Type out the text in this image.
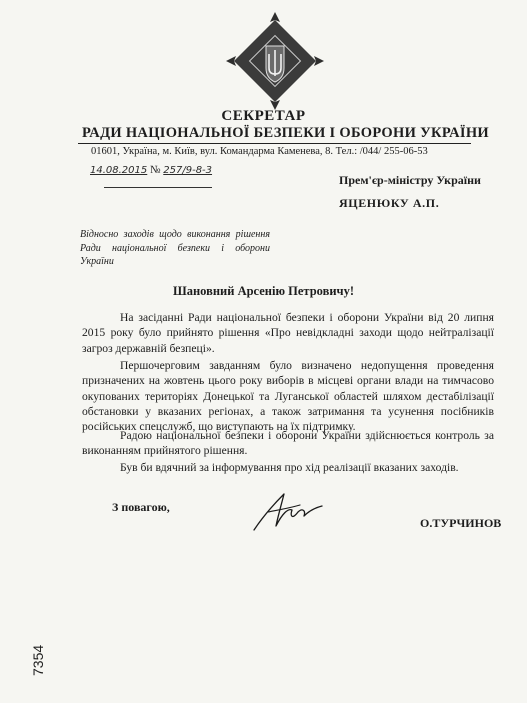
СЕКРЕТАР
РАДИ НАЦІОНАЛЬНОЇ БЕЗПЕКИ І ОБОРОНИ УКРАЇНИ
01601, Україна, м. Київ, вул. Командарма Каменева, 8. Тел.: /044/ 255-06-53
14.08.2015 № 257/9-8-3
Прем'єр-міністру України
ЯЦЕНЮКУ А.П.
Відносно заходів щодо виконання рішення Ради національної безпеки і оборони України
Шановний Арсенію Петровичу!

На засіданні Ради національної безпеки і оборони України від 20 липня 2015 року було прийнято рішення «Про невідкладні заходи щодо нейтралізації загроз державній безпеці».

Першочерговим завданням було визначено недопущення проведення призначених на жовтень цього року виборів в місцеві органи влади на тимчасово окупованих територіях Донецької та Луганської областей шляхом дестабілізації обстановки у вказаних регіонах, а також затримання та усунення посібників російських спецслужб, що виступають на їх підтримку.

Радою національної безпеки і оборони України здійснюється контроль за виконанням прийнятого рішення.

Був би вдячний за інформування про хід реалізації вказаних заходів.

З повагою,
О.ТУРЧИНОВ
7354
